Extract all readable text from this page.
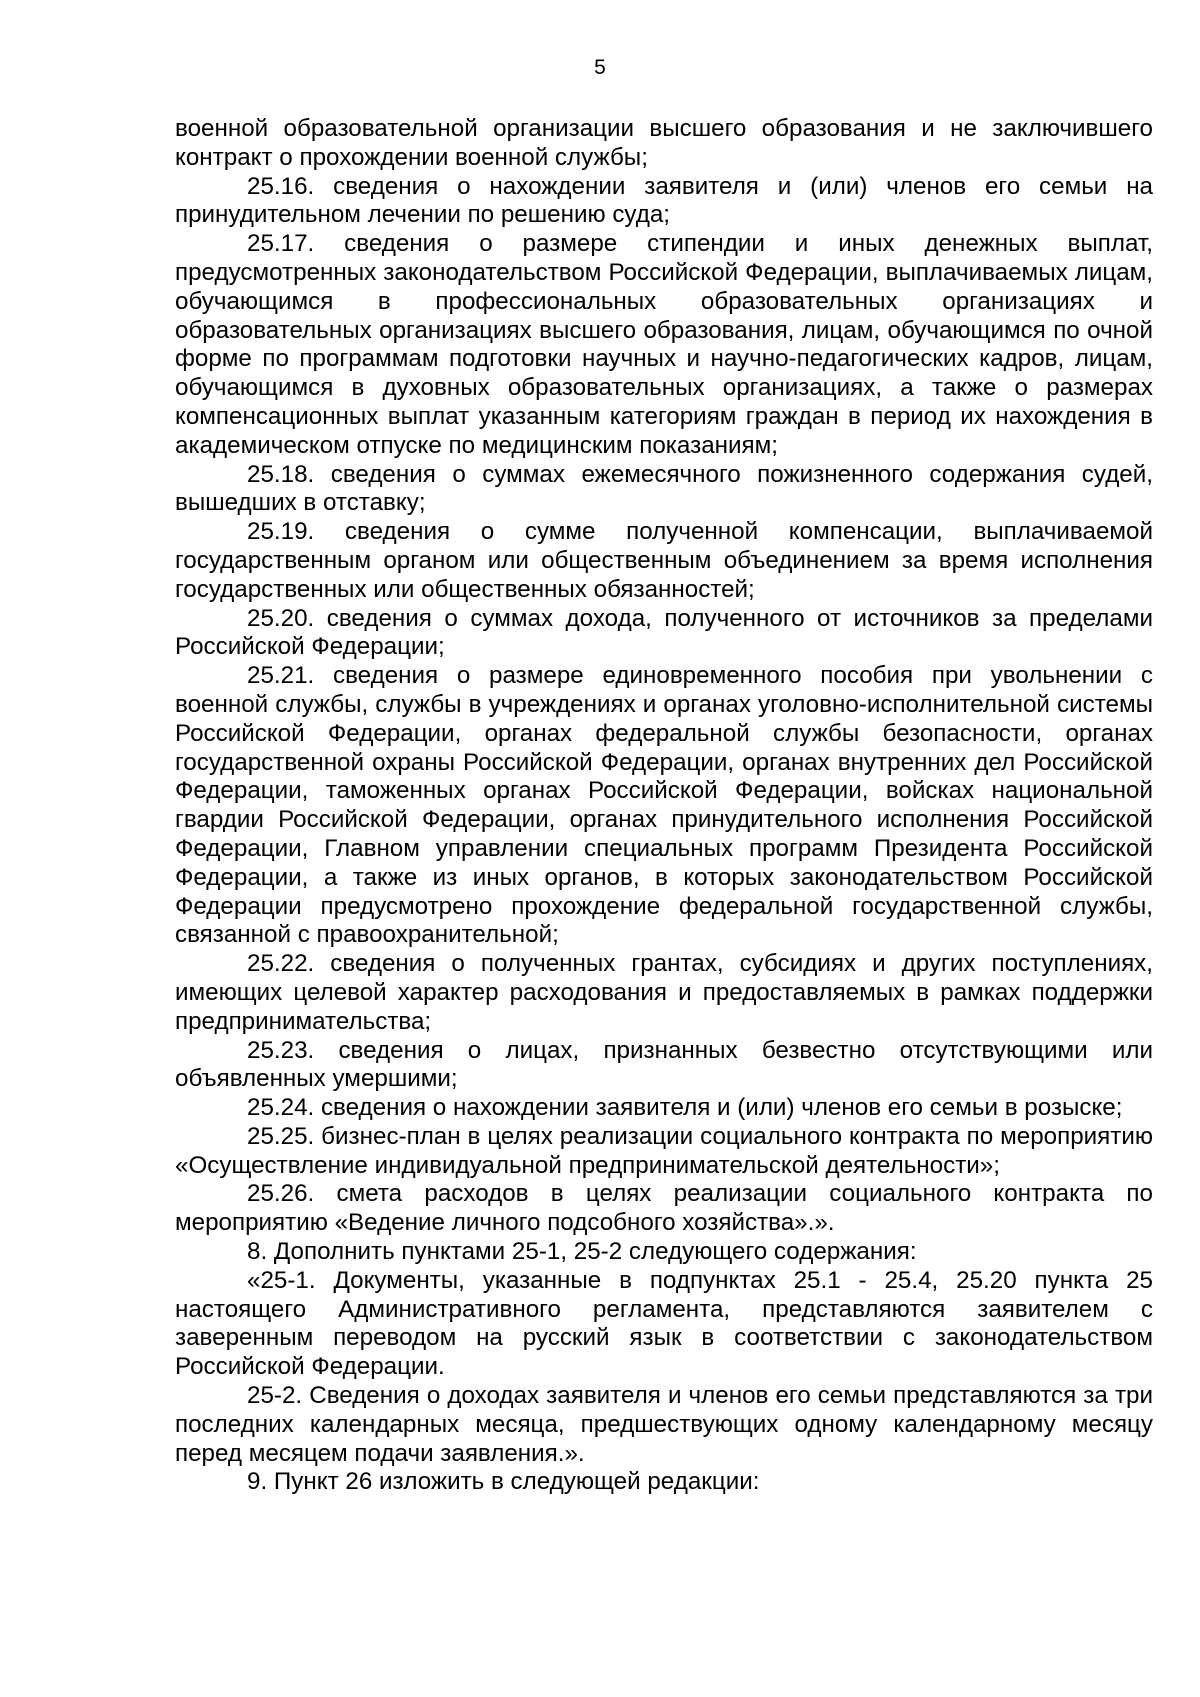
5

военной образовательной организации высшего образования и не заключившего контракт о прохождении военной службы;

25.16. сведения о нахождении заявителя и (или) членов его семьи на принудительном лечении по решению суда;

25.17. сведения о размере стипендии и иных денежных выплат, предусмотренных законодательством Российской Федерации, выплачиваемых лицам, обучающимся в профессиональных образовательных организациях и образовательных организациях высшего образования, лицам, обучающимся по очной форме по программам подготовки научных и научно-педагогических кадров, лицам, обучающимся в духовных образовательных организациях, а также о размерах компенсационных выплат указанным категориям граждан в период их нахождения в академическом отпуске по медицинским показаниям;

25.18. сведения о суммах ежемесячного пожизненного содержания судей, вышедших в отставку;

25.19. сведения о сумме полученной компенсации, выплачиваемой государственным органом или общественным объединением за время исполнения государственных или общественных обязанностей;

25.20. сведения о суммах дохода, полученного от источников за пределами Российской Федерации;

25.21. сведения о размере единовременного пособия при увольнении с военной службы, службы в учреждениях и органах уголовно-исполнительной системы Российской Федерации, органах федеральной службы безопасности, органах государственной охраны Российской Федерации, органах внутренних дел Российской Федерации, таможенных органах Российской Федерации, войсках национальной гвардии Российской Федерации, органах принудительного исполнения Российской Федерации, Главном управлении специальных программ Президента Российской Федерации, а также из иных органов, в которых законодательством Российской Федерации предусмотрено прохождение федеральной государственной службы, связанной с правоохранительной;

25.22. сведения о полученных грантах, субсидиях и других поступлениях, имеющих целевой характер расходования и предоставляемых в рамках поддержки предпринимательства;

25.23. сведения о лицах, признанных безвестно отсутствующими или объявленных умершими;

25.24. сведения о нахождении заявителя и (или) членов его семьи в розыске;

25.25. бизнес-план в целях реализации социального контракта по мероприятию «Осуществление индивидуальной предпринимательской деятельности»;

25.26. смета расходов в целях реализации социального контракта по мероприятию «Ведение личного подсобного хозяйства».».

8. Дополнить пунктами 25-1, 25-2 следующего содержания:

«25-1. Документы, указанные в подпунктах 25.1 - 25.4, 25.20 пункта 25 настоящего Административного регламента, представляются заявителем с заверенным переводом на русский язык в соответствии с законодательством Российской Федерации.

25-2. Сведения о доходах заявителя и членов его семьи представляются за три последних календарных месяца, предшествующих одному календарному месяцу перед месяцем подачи заявления.».

9. Пункт 26 изложить в следующей редакции:
